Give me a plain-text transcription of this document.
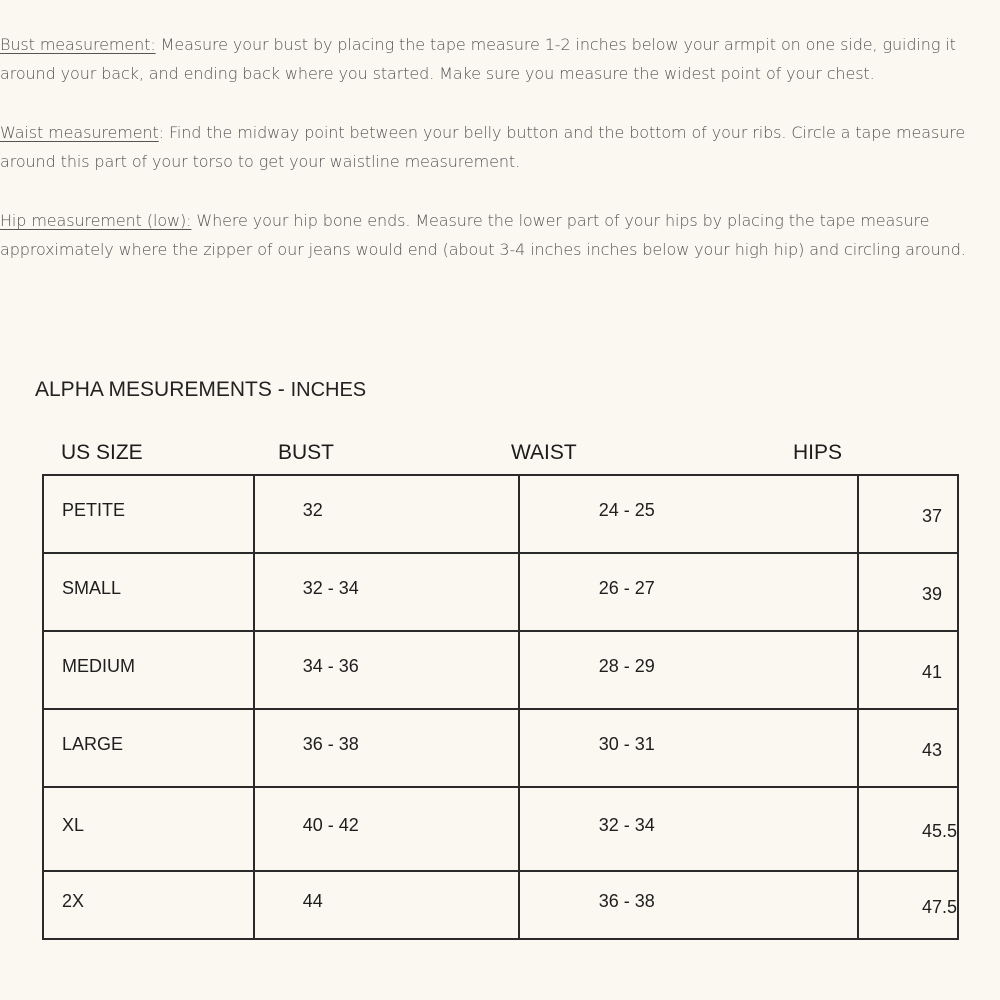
Bust measurement: Measure your bust by placing the tape measure 1-2 inches below your armpit on one side, guiding it
around your back, and ending back where you started. Make sure you measure the widest point of your chest.

Waist measurement: Find the midway point between your belly button and the bottom of your ribs. Circle a tape measure
around this part of your torso to get your waistline measurement.

Hip measurement (low): Where your hip bone ends. Measure the lower part of your hips by placing the tape measure
approximately where the zipper of our jeans would end (about 3-4 inches inches below your high hip) and circling around.

ALPHA MESUREMENTS - INCHES
US SIZE	BUST	WAIST	HIPS
PETITE	32	24 - 25	37
SMALL	32 - 34	26 - 27	39
MEDIUM	34 - 36	28 - 29	41
LARGE	36 - 38	30 - 31	43
XL	40 - 42	32 - 34	45.5
2X	44	36 - 38	47.5
